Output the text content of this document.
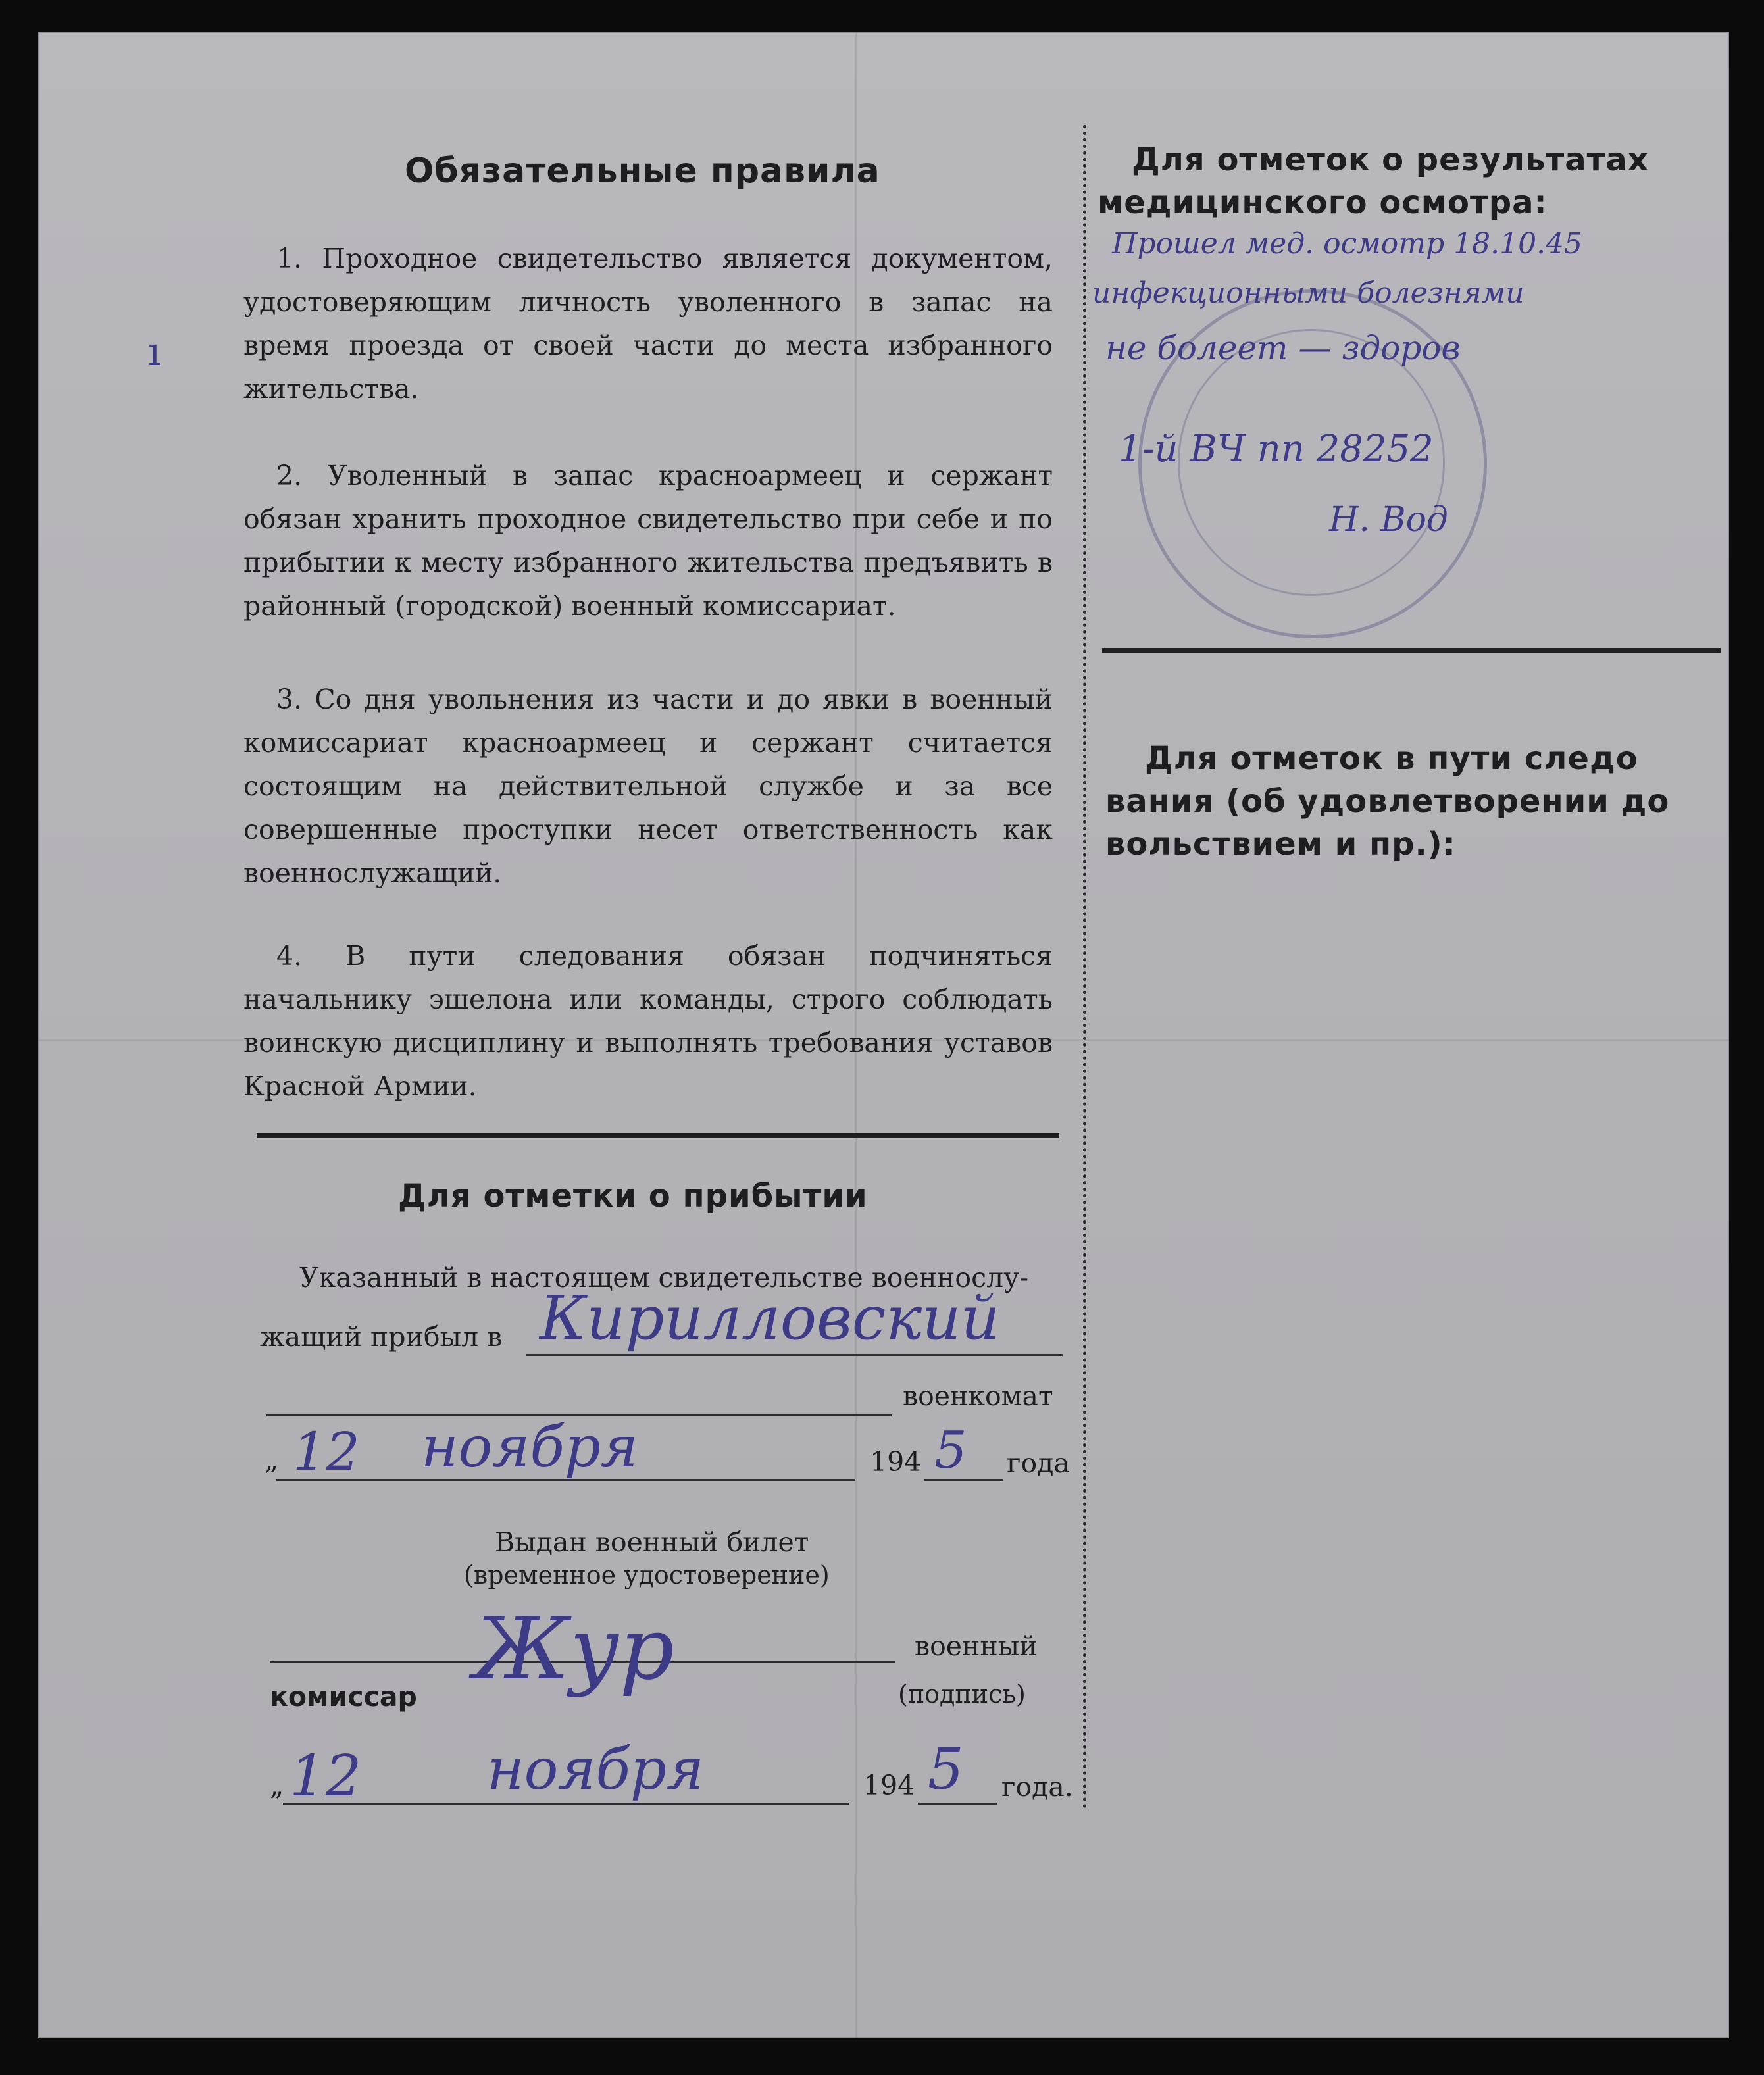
Обязательные правила

1. Проходное свидетельство является документом, удостоверяющим личность уволенного в запас на время проезда от своей части до места избранного жительства.

2. Уволенный в запас красноармеец и сержант обязан хранить проходное свидетельство при себе и по прибытии к месту избранного жительства предъявить в районный (городской) военный комиссариат.

3. Со дня увольнения из части и до явки в военный комиссариат красноармеец и сержант считается состоящим на действительной службе и за все совершенные проступки несет ответственность как военнослужащий.

4. В пути следования обязан подчиняться начальнику эшелона или команды, строго соблюдать воинскую дисциплину и выполнять требования уставов Красной Армии.

Для отметки о прибытии
Указанный в настоящем свидетельстве военнослу-
жащий прибыл в Кирилловский
военкомат
„ 12 ноября	194 5 года
Выдан военный билет
(временное удостоверение)
военный
комиссар	(подпись)
Жур
„ 12 ноября	194 5 года.
ı
Для отметок о результатах
медицинского осмотра:
Прошел мед. осмотр 18.10.45
инфекционными болезнями
не болеет — здоров
1-й ВЧ пп 28252
Н. Вод
Для отметок в пути следо
вания (об удовлетворении до
вольствием и пр.):
